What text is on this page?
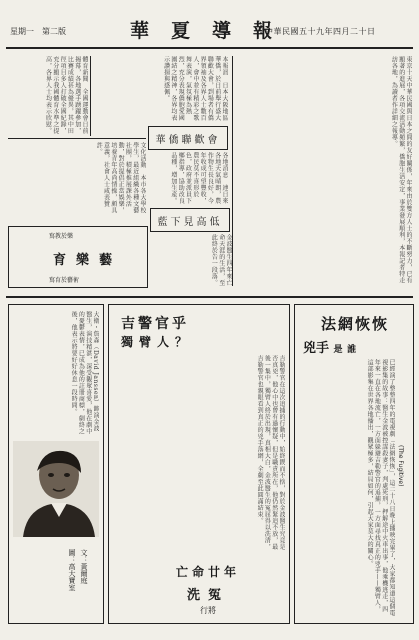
中華民國五十九年四月二十日
華夏導報
星期一　第二版
東京十天中華民國與日本之間的友好關係，年來由於雙方人士的不斷努力，已有顯著的進展，各項交流活動頻繁，僑胞生活安定，事業發展順利，本報記者特走訪各地，為讀者作詳細之報導。
本報訊　日本大阪地區華僑，於日前舉行盛大聯歡大會，到場者有僑界領袖及各界人士數百人，會中並有精彩之歌舞表演，氣氛極為熱烈，充分表現僑胞愛國團結之精神，各界均表示讚揚與感佩。
華僑聯歡會
各地消息　連日來各地天氣晴朗，農作物生長良好，今年收成可望豐收，農民莫不喜形於色，政府並派員下鄉指導，協助改良品種，增加生產。
藍下見高低
金波醫生四年來亡命天涯的生活，至此終於告一段落。
體育新聞　全國運動會日前揭幕，各地選手踴躍參加，比賽成績甚為優異，其中田徑項目多人打破全國紀錄，充分顯示我國體育水準之提高，各界人士均表示欣慰。
文化活動　本市各大學校學生，最近組織各種文藝社團，積極推展課外活動，對於提倡正當娛樂，培養青年高尚情操，頗具意義，社會人士咸表贊許。
寫教於樂
育樂藝
寫育於藝術
法網恢恢
兇手 是 誰
已經演了整整四年的電視劇「法網恢恢」，這二十八日晚上播映完畢了，大家都知道這個電視影集的故事：醫生金波被控謀殺妻子，判處死刑，押解途中火車出事，他乘機逃走，四年來一直在各地流亡，一方面躲避吉勒警官的追捕，一方面尋找真正的兇手——獨臂人，這部影集在世界各地播出，觀眾極多，結局如何，引起大家莫大的關心。	(The Fugitive)
吉警官乎
獨臂人？
吉勒警官在這次追捕的行動中，始終鍥而不捨，對於金波醫生究竟是否真兇，他心中也曾有過懷疑，但是職責所在，他仍然緊追不放，最後一集中，獨臂人終於出現，真相大白，金波醫生的冤屈得以洗清，吉勒警官也親眼看到真正的兇手落網，全劇至此圓滿結束。
亡命廿年
洗冤
行將
大衛・詹森（David Janssen）飾演金波醫生，演技精湛，深受觀眾喜愛，他在劇中的憂鬱表情，已成為他的註冊商標，劇終之後，他表示將要好好休息一段時間。
文：黃爾庭
圖：高大寶室
